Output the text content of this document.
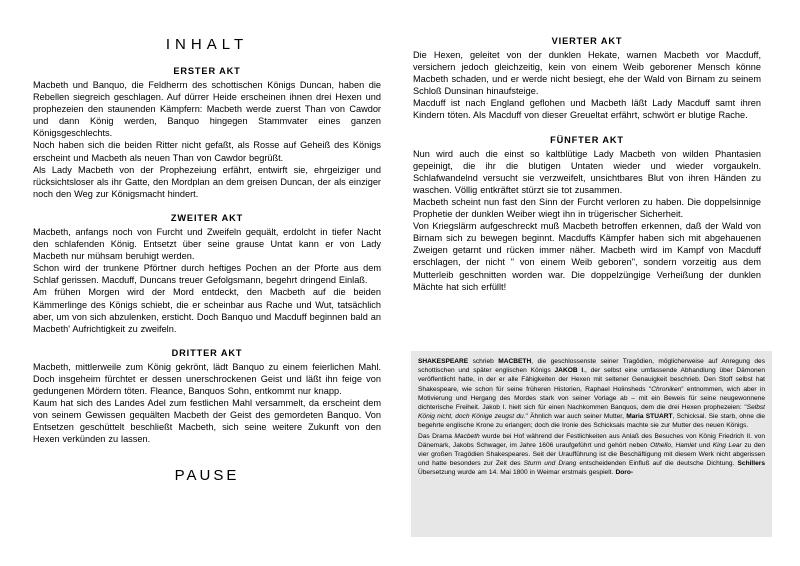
INHALT
ERSTER AKT

Macbeth und Banquo, die Feldherrn des schottischen Königs Duncan, haben die Rebellen siegreich geschlagen. Auf dürrer Heide erscheinen ihnen drei Hexen und prophezeien den staunenden Kämpfern: Macbeth werde zuerst Than von Cawdor und dann König werden, Banquo hingegen Stammvater eines ganzen Königsgeschlechts.

Noch haben sich die beiden Ritter nicht gefaßt, als Rosse auf Geheiß des Königs erscheint und Macbeth als neuen Than von Cawdor begrüßt.

Als Lady Macbeth von der Prophezeiung erfährt, entwirft sie, ehrgeiziger und rücksichtsloser als ihr Gatte, den Mordplan an dem greisen Duncan, der als einziger noch den Weg zur Königsmacht hindert.

ZWEITER AKT

Macbeth, anfangs noch von Furcht und Zweifeln gequält, erdolcht in tiefer Nacht den schlafenden König. Entsetzt über seine grause Untat kann er von Lady Macbeth nur mühsam beruhigt werden.

Schon wird der trunkene Pförtner durch heftiges Pochen an der Pforte aus dem Schlaf gerissen. Macduff, Duncans treuer Gefolgsmann, begehrt dringend Einlaß.

Am frühen Morgen wird der Mord entdeckt, den Macbeth auf die beiden Kämmerlinge des Königs schiebt, die er scheinbar aus Rache und Wut, tatsächlich aber, um von sich abzulenken, ersticht. Doch Banquo und Macduff beginnen bald an Macbeth' Aufrichtigkeit zu zweifeln.

DRITTER AKT

Macbeth, mittlerweile zum König gekrönt, lädt Banquo zu einem feierlichen Mahl. Doch insgeheim fürchtet er dessen unerschrockenen Geist und läßt ihn feige von gedungenen Mördern töten. Fleance, Banquos Sohn, entkommt nur knapp.

Kaum hat sich des Landes Adel zum festlichen Mahl versammelt, da erscheint dem von seinem Gewissen gequälten Macbeth der Geist des gemordeten Banquo. Von Entsetzen geschüttelt beschließt Macbeth, sich seine weitere Zukunft von den Hexen verkünden zu lassen.

PAUSE
VIERTER AKT

Die Hexen, geleitet von der dunklen Hekate, warnen Macbeth vor Macduff, versichern jedoch gleichzeitig, kein von einem Weib geborener Mensch könne Macbeth schaden, und er werde nicht besiegt, ehe der Wald von Birnam zu seinem Schloß Dunsinan hinaufsteige.

Macduff ist nach England geflohen und Macbeth läßt Lady Macduff samt ihren Kindern töten. Als Macduff von dieser Greueltat erfährt, schwört er blutige Rache.

FÜNFTER AKT

Nun wird auch die einst so kaltblütige Lady Macbeth von wilden Phantasien gepeinigt, die ihr die blutigen Untaten wieder und wieder vorgaukeln. Schlafwandelnd versucht sie verzweifelt, unsichtbares Blut von ihren Händen zu waschen. Völlig entkräftet stürzt sie tot zusammen.

Macbeth scheint nun fast den Sinn der Furcht verloren zu haben. Die doppelsinnige Prophetie der dunklen Weiber wiegt ihn in trügerischer Sicherheit.

Von Kriegslärm aufgeschreckt muß Macbeth betroffen erkennen, daß der Wald von Birnam sich zu bewegen beginnt. Macduffs Kämpfer haben sich mit abgehauenen Zweigen getarnt und rücken immer näher. Macbeth wird im Kampf von Macduff erschlagen, der nicht " von einem Weib geboren", sondern vorzeitig aus dem Mutterleib geschnitten worden war. Die doppelzüngige Verheißung der dunklen Mächte hat sich erfüllt!

SHAKESPEARE schrieb MACBETH, die geschlossenste seiner Tragödien, möglicherweise auf Anregung des schottischen und später englischen Königs JAKOB I., der selbst eine umfassende Abhandlung über Dämonen veröffentlicht hatte, in der er alle Fähigkeiten der Hexen mit seltener Genauigkeit beschrieb. Den Stoff selbst hat Shakespeare, wie schon für seine früheren Historien, Raphael Holinsheds "Chroniken" entnommen, wich aber in Motivierung und Hergang des Mordes stark von seiner Vorlage ab – mit ein Beweis für seine neugewonnene dichterische Freiheit. Jakob I. hielt sich für einen Nachkommen Banquos, dem die drei Hexen prophezeien: "Selbst König nicht, doch Könige zeugst du." Ähnlich war auch seiner Mutter, Maria STUART, Schicksal. Sie starb, ohne die begehrte englische Krone zu erlangen; doch die Ironie des Schicksals machte sie zur Mutter des neuen Königs.

Das Drama Macbeth wurde bei Hof während der Festlichkeiten aus Anlaß des Besuches von König Friedrich II. von Dänemark, Jakobs Schwager, im Jahre 1606 uraufgeführt und gehört neben Othello, Hamlet und King Lear zu den vier großen Tragödien Shakespeares. Seit der Uraufführung ist die Beschäftigung mit diesem Werk nicht abgerissen und hatte besonders zur Zeit des Sturm und Drang entscheidenden Einfluß auf die deutsche Dichtung. Schillers Übersetzung wurde am 14. Mai 1800 in Weimar erstmals gespielt. Doro-
